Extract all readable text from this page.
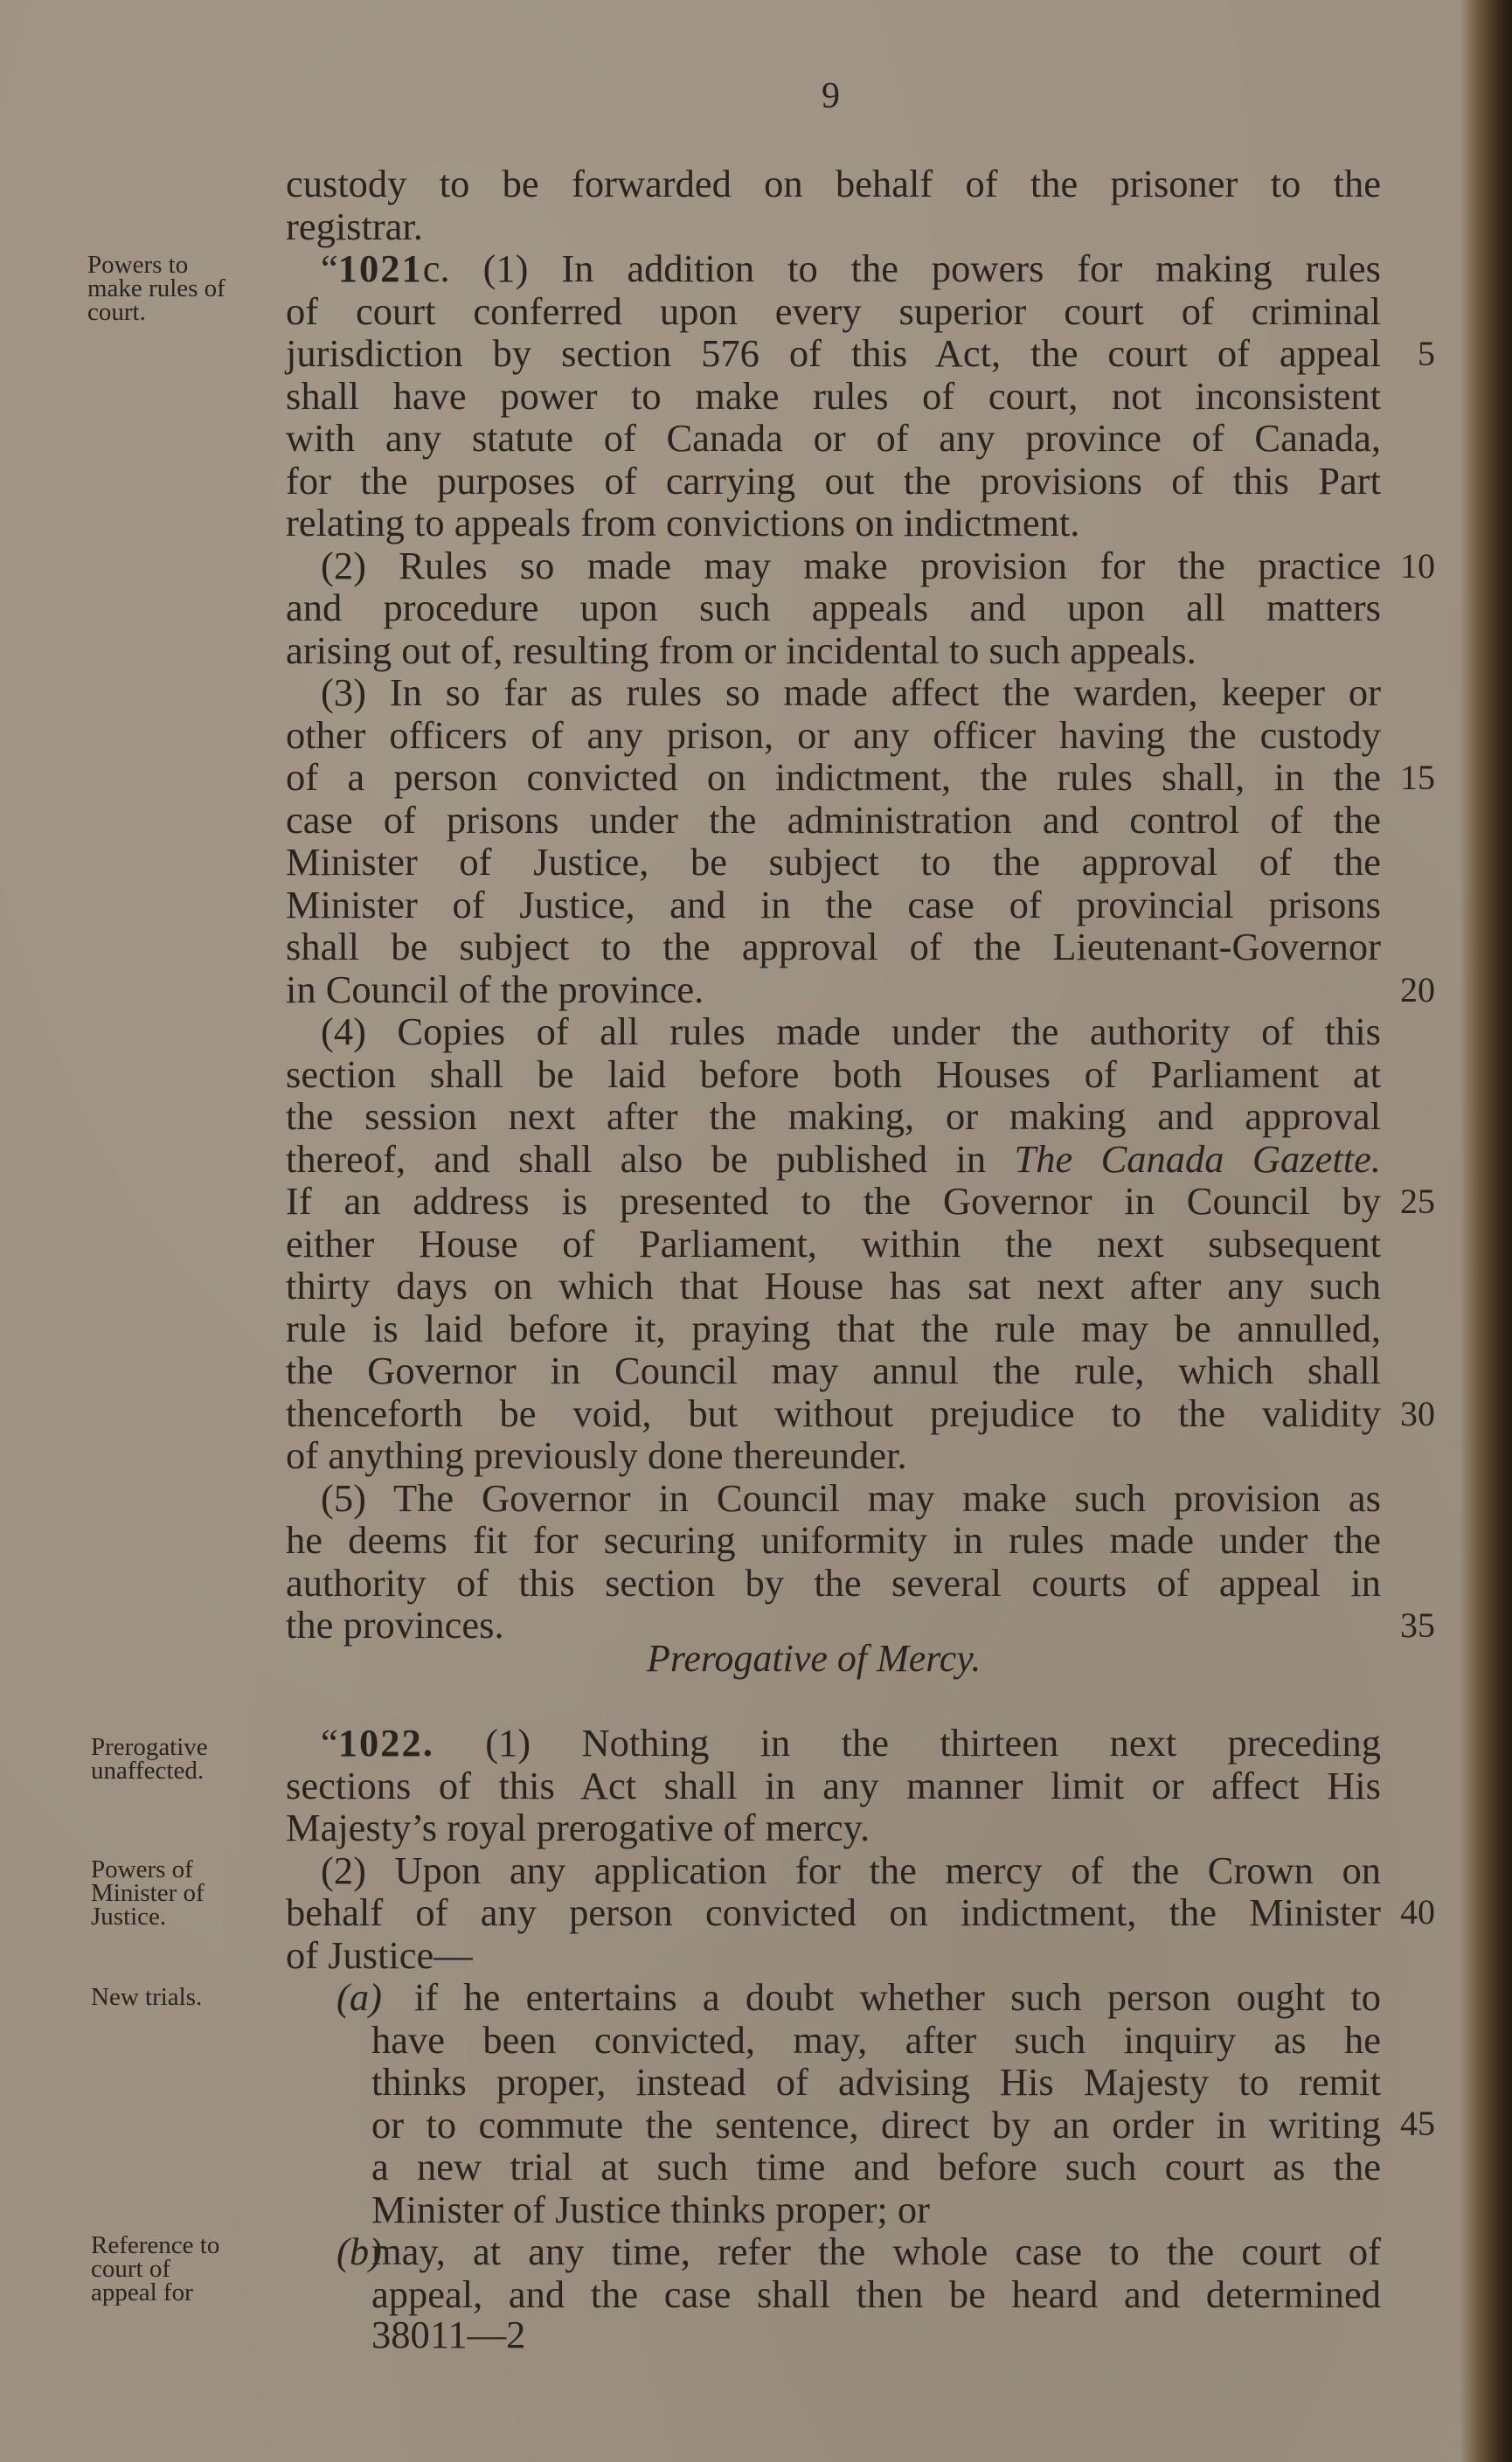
9
Powers to
make rules of
court.
Prerogative
unaffected.
Powers of
Minister of
Justice.
New trials.
Reference to
court of
appeal for
custody to be forwarded on behalf of the prisoner to the
registrar.
“1021c. (1) In addition to the powers for making rules
of court conferred upon every superior court of criminal
jurisdiction by section 576 of this Act, the court of appeal
shall have power to make rules of court, not inconsistent
with any statute of Canada or of any province of Canada,
for the purposes of carrying out the provisions of this Part
relating to appeals from convictions on indictment.
(2) Rules so made may make provision for the practice
and procedure upon such appeals and upon all matters
arising out of, resulting from or incidental to such appeals.
(3) In so far as rules so made affect the warden, keeper or
other officers of any prison, or any officer having the custody
of a person convicted on indictment, the rules shall, in the
case of prisons under the administration and control of the
Minister of Justice, be subject to the approval of the
Minister of Justice, and in the case of provincial prisons
shall be subject to the approval of the Lieutenant-Governor
in Council of the province.
(4) Copies of all rules made under the authority of this
section shall be laid before both Houses of Parliament at
the session next after the making, or making and approval
thereof, and shall also be published in The Canada Gazette.
If an address is presented to the Governor in Council by
either House of Parliament, within the next subsequent
thirty days on which that House has sat next after any such
rule is laid before it, praying that the rule may be annulled,
the Governor in Council may annul the rule, which shall
thenceforth be void, but without prejudice to the validity
of anything previously done thereunder.
(5) The Governor in Council may make such provision as
he deems fit for securing uniformity in rules made under the
authority of this section by the several courts of appeal in
the provinces.
Prerogative of Mercy.
“1022. (1) Nothing in the thirteen next preceding
sections of this Act shall in any manner limit or affect His
Majesty’s royal prerogative of mercy.
(2) Upon any application for the mercy of the Crown on
behalf of any person convicted on indictment, the Minister
of Justice—
(a) if he entertains a doubt whether such person ought to
have been convicted, may, after such inquiry as he
thinks proper, instead of advising His Majesty to remit
or to commute the sentence, direct by an order in writing
a new trial at such time and before such court as the
Minister of Justice thinks proper; or
(b)
may, at any time, refer the whole case to the court of
appeal, and the case shall then be heard and determined
38011—2
5
10
15
20
25
30
35
40
45
